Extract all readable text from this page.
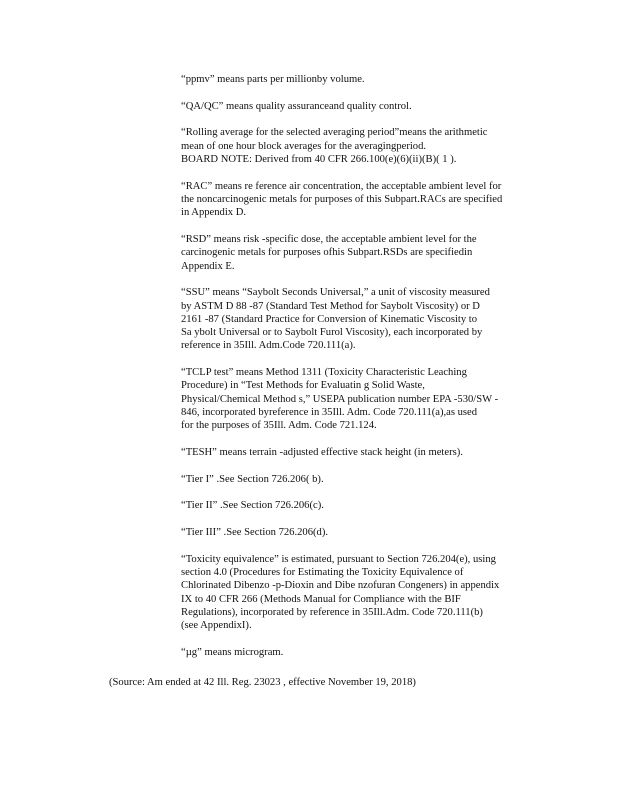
“ppmv” means parts per millionby volume.
“QA/QC” means quality assuranceand quality control.
“Rolling average for the selected averaging period”means the arithmetic
mean of one hour block averages for the averagingperiod.
BOARD NOTE: Derived from 40 CFR 266.100(e)(6)(ii)(B)( 1 ).
“RAC” means re ference air concentration, the acceptable ambient level for
the noncarcinogenic metals for purposes of this Subpart.RACs are specified
in Appendix D.
“RSD” means risk -specific dose, the acceptable ambient level for the
carcinogenic metals for purposes ofhis Subpart.RSDs are specifiedin
Appendix E.
“SSU” means “Saybolt Seconds Universal,” a unit of viscosity measured
by ASTM D 88 -87 (Standard Test Method for Saybolt Viscosity) or D
2161 -87 (Standard Practice for Conversion of Kinematic Viscosity to
Sa ybolt Universal or to Saybolt Furol Viscosity), each incorporated by
reference in 35Ill. Adm.Code 720.111(a).
“TCLP test” means Method 1311 (Toxicity Characteristic Leaching
Procedure) in “Test Methods for Evaluatin g Solid Waste,
Physical/Chemical Method s,” USEPA publication number EPA -530/SW -
846, incorporated byreference in 35Ill. Adm. Code 720.111(a),as used
for the purposes of 35Ill. Adm. Code 721.124.
“TESH” means terrain -adjusted effective stack height (in meters).
“Tier I” .See Section 726.206( b).
“Tier II” .See Section 726.206(c).
“Tier III” .See Section 726.206(d).
“Toxicity equivalence” is estimated, pursuant to Section 726.204(e), using
section 4.0 (Procedures for Estimating the Toxicity Equivalence of
Chlorinated Dibenzo -p-Dioxin and Dibe nzofuran Congeners) in appendix
IX to 40 CFR 266 (Methods Manual for Compliance with the BIF
Regulations), incorporated by reference in 35Ill.Adm. Code 720.111(b)
(see AppendixI).
“µg” means microgram.
(Source: Am ended at 42 Ill. Reg. 23023 , effective November 19, 2018)
